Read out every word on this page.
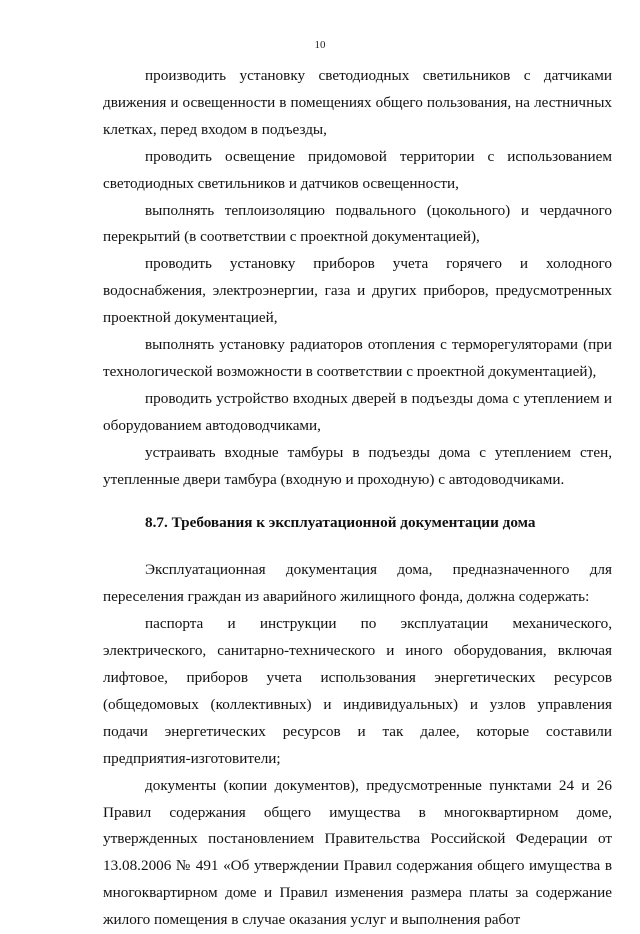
10

производить установку светодиодных светильников с датчиками движения и освещенности в помещениях общего пользования, на лестничных клетках, перед входом в подъезды,

проводить освещение придомовой территории с использованием светодиодных светильников и датчиков освещенности,

выполнять теплоизоляцию подвального (цокольного) и чердачного перекрытий (в соответствии с проектной документацией),

проводить установку приборов учета горячего и холодного водоснабжения, электроэнергии, газа и других приборов, предусмотренных проектной документацией,

выполнять установку радиаторов отопления с терморегуляторами (при технологической возможности в соответствии с проектной документацией),

проводить устройство входных дверей в подъезды дома с утеплением и оборудованием автодоводчиками,

устраивать входные тамбуры в подъезды дома с утеплением стен, утепленные двери тамбура (входную и проходную) с автодоводчиками.

8.7. Требования к эксплуатационной документации дома

Эксплуатационная документация дома, предназначенного для переселения граждан из аварийного жилищного фонда, должна содержать:

паспорта и инструкции по эксплуатации механического, электрического, санитарно-технического и иного оборудования, включая лифтовое, приборов учета использования энергетических ресурсов (общедомовых (коллективных) и индивидуальных) и узлов управления подачи энергетических ресурсов и так далее, которые составили предприятия-изготовители;

документы (копии документов), предусмотренные пунктами 24 и 26 Правил содержания общего имущества в многоквартирном доме, утвержденных постановлением Правительства Российской Федерации от 13.08.2006 № 491 «Об утверждении Правил содержания общего имущества в многоквартирном доме и Правил изменения размера платы за содержание жилого помещения в случае оказания услуг и выполнения работ
